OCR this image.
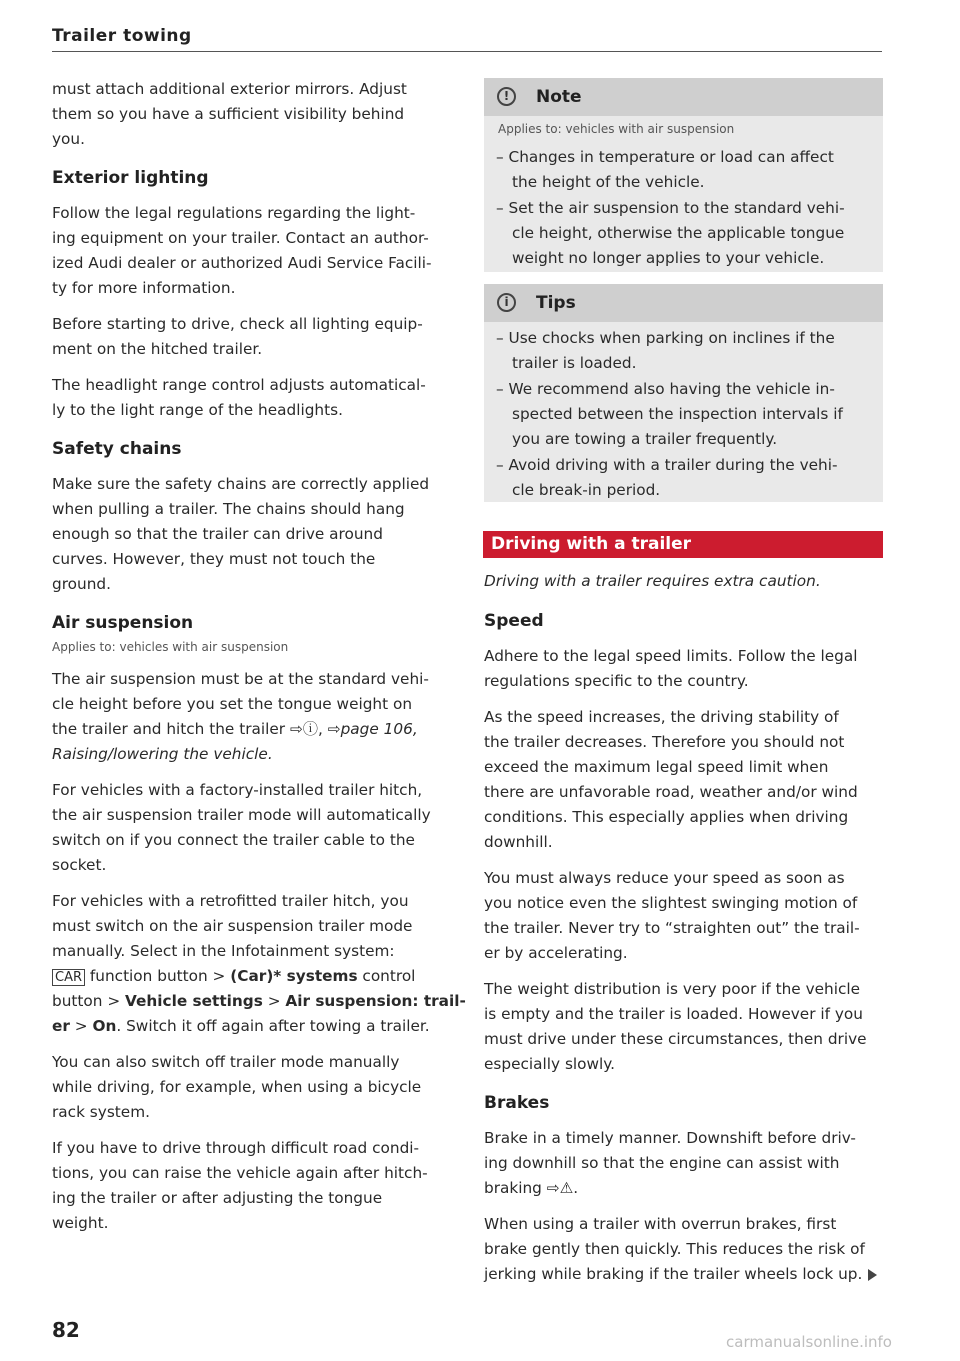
Trailer towing
must attach additional exterior mirrors. Adjust
them so you have a sufficient visibility behind
you.
Exterior lighting
Follow the legal regulations regarding the light-
ing equipment on your trailer. Contact an author-
ized Audi dealer or authorized Audi Service Facili-
ty for more information.
Before starting to drive, check all lighting equip-
ment on the hitched trailer.
The headlight range control adjusts automatical-
ly to the light range of the headlights.
Safety chains
Make sure the safety chains are correctly applied
when pulling a trailer. The chains should hang
enough so that the trailer can drive around
curves. However, they must not touch the
ground.
Air suspension
Applies to: vehicles with air suspension
The air suspension must be at the standard vehi-
cle height before you set the tongue weight on
the trailer and hitch the trailer ⇨ⓘ, ⇨page 106,
Raising/lowering the vehicle.
For vehicles with a factory-installed trailer hitch,
the air suspension trailer mode will automatically
switch on if you connect the trailer cable to the
socket.
For vehicles with a retrofitted trailer hitch, you
must switch on the air suspension trailer mode
manually. Select in the Infotainment system:
CAR function button > (Car)* systems control
button > Vehicle settings > Air suspension: trail-
er > On. Switch it off again after towing a trailer.
You can also switch off trailer mode manually
while driving, for example, when using a bicycle
rack system.
If you have to drive through difficult road condi-
tions, you can raise the vehicle again after hitch-
ing the trailer or after adjusting the tongue
weight.
!	Note
Applies to: vehicles with air suspension
– Changes in temperature or load can affect
the height of the vehicle.
– Set the air suspension to the standard vehi-
cle height, otherwise the applicable tongue
weight no longer applies to your vehicle.
i	Tips
– Use chocks when parking on inclines if the
trailer is loaded.
– We recommend also having the vehicle in-
spected between the inspection intervals if
you are towing a trailer frequently.
– Avoid driving with a trailer during the vehi-
cle break-in period.
Driving with a trailer
Driving with a trailer requires extra caution.
Speed
Adhere to the legal speed limits. Follow the legal
regulations specific to the country.
As the speed increases, the driving stability of
the trailer decreases. Therefore you should not
exceed the maximum legal speed limit when
there are unfavorable road, weather and/or wind
conditions. This especially applies when driving
downhill.
You must always reduce your speed as soon as
you notice even the slightest swinging motion of
the trailer. Never try to “straighten out” the trail-
er by accelerating.
The weight distribution is very poor if the vehicle
is empty and the trailer is loaded. However if you
must drive under these circumstances, then drive
especially slowly.
Brakes
Brake in a timely manner. Downshift before driv-
ing downhill so that the engine can assist with
braking ⇨⚠.
When using a trailer with overrun brakes, first
brake gently then quickly. This reduces the risk of
jerking while braking if the trailer wheels lock up.
82	carmanualsonline.info
